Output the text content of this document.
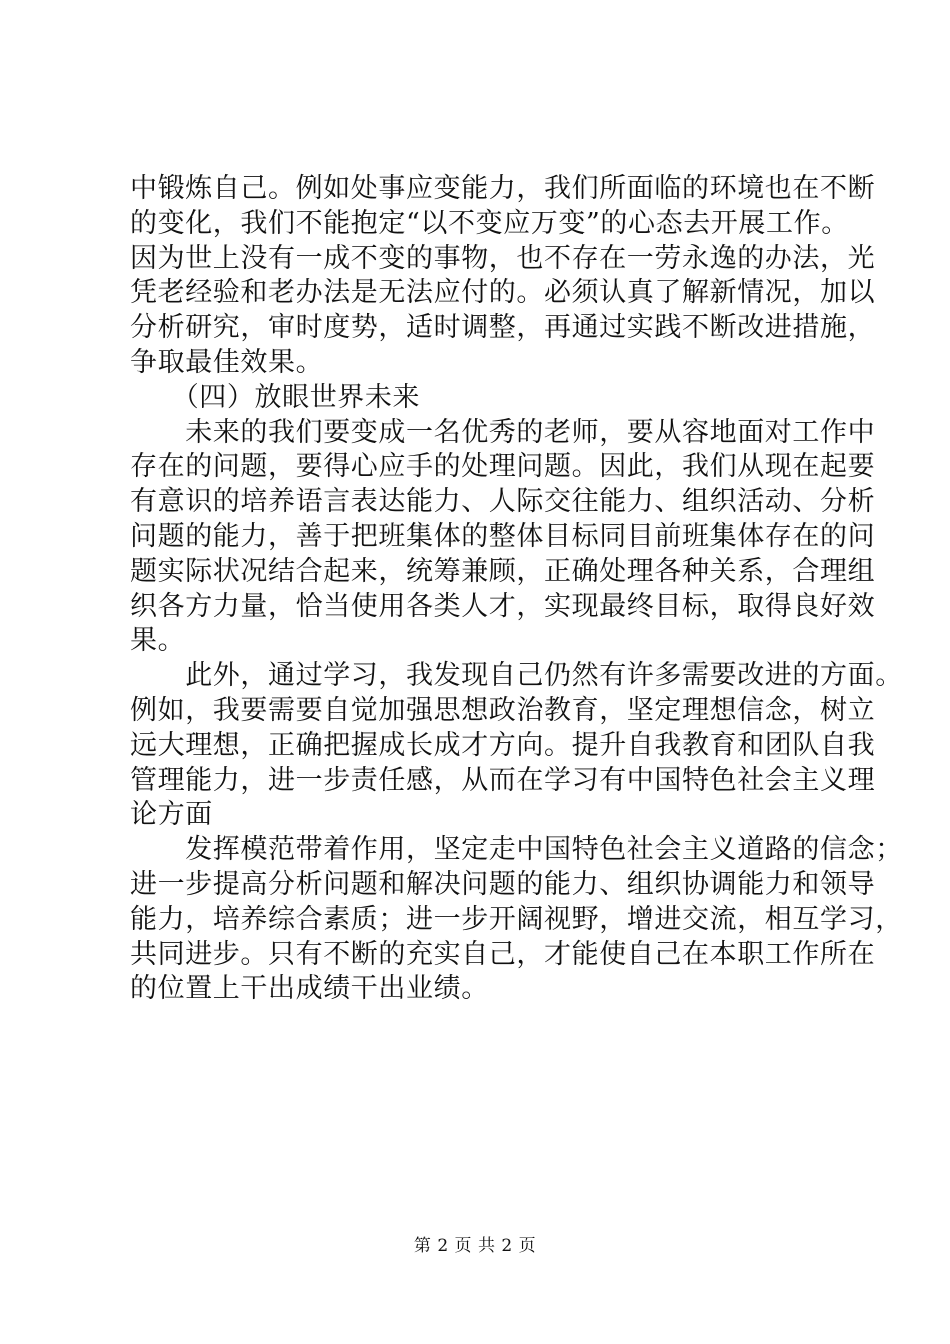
中锻炼自己。例如处事应变能力，我们所面临的环境也在不断
的变化，我们不能抱定“以不变应万变”的心态去开展工作。
因为世上没有一成不变的事物，也不存在一劳永逸的办法，光
凭老经验和老办法是无法应付的。必须认真了解新情况，加以
分析研究，审时度势，适时调整，再通过实践不断改进措施，
争取最佳效果。
　　（四）放眼世界未来
　　未来的我们要变成一名优秀的老师，要从容地面对工作中
存在的问题，要得心应手的处理问题。因此，我们从现在起要
有意识的培养语言表达能力、人际交往能力、组织活动、分析
问题的能力，善于把班集体的整体目标同目前班集体存在的问
题实际状况结合起来，统筹兼顾，正确处理各种关系，合理组
织各方力量，恰当使用各类人才，实现最终目标，取得良好效
果。
　　此外，通过学习，我发现自己仍然有许多需要改进的方面。
例如，我要需要自觉加强思想政治教育，坚定理想信念，树立
远大理想，正确把握成长成才方向。提升自我教育和团队自我
管理能力，进一步责任感，从而在学习有中国特色社会主义理
论方面
　　发挥模范带着作用，坚定走中国特色社会主义道路的信念；
进一步提高分析问题和解决问题的能力、组织协调能力和领导
能力，培养综合素质；进一步开阔视野，增进交流，相互学习，
共同进步。只有不断的充实自己，才能使自己在本职工作所在
的位置上干出成绩干出业绩。
第 2 页 共 2 页
